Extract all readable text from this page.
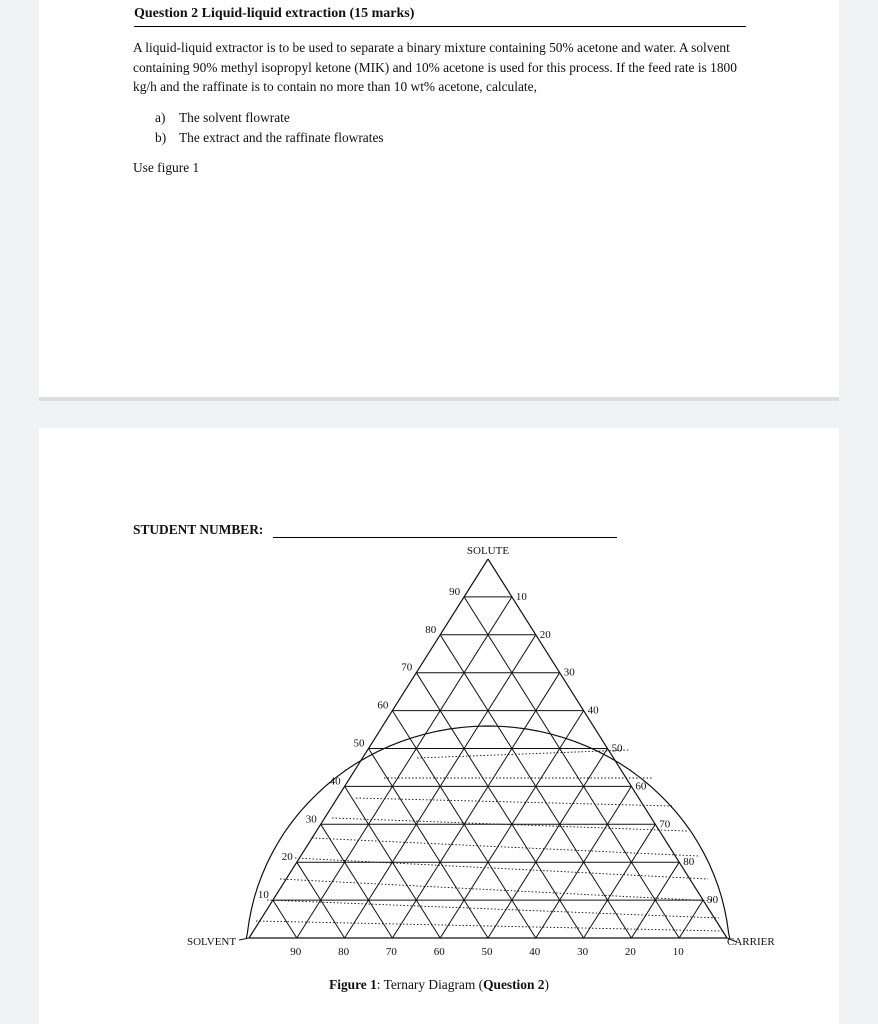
Question 2 Liquid-liquid extraction (15 marks)

A liquid-liquid extractor is to be used to separate a binary mixture containing 50% acetone and water. A solvent containing 90% methyl isopropyl ketone (MIK) and 10% acetone is used for this process. If the feed rate is 1800 kg/h and the raffinate is to contain no more than 10 wt% acetone, calculate,

a)	The solvent flowrate
b) The extract and the raffinate flowrates
Use figure 1
STUDENT NUMBER:
10
20
30
40
50
60
70
80
90	10
20
30
40
50
60
70
80
90
90	80	70	60	50	40	30	20	10
SOLUTE
SOLVENT	CARRIER
Figure 1: Ternary Diagram (Question 2)
